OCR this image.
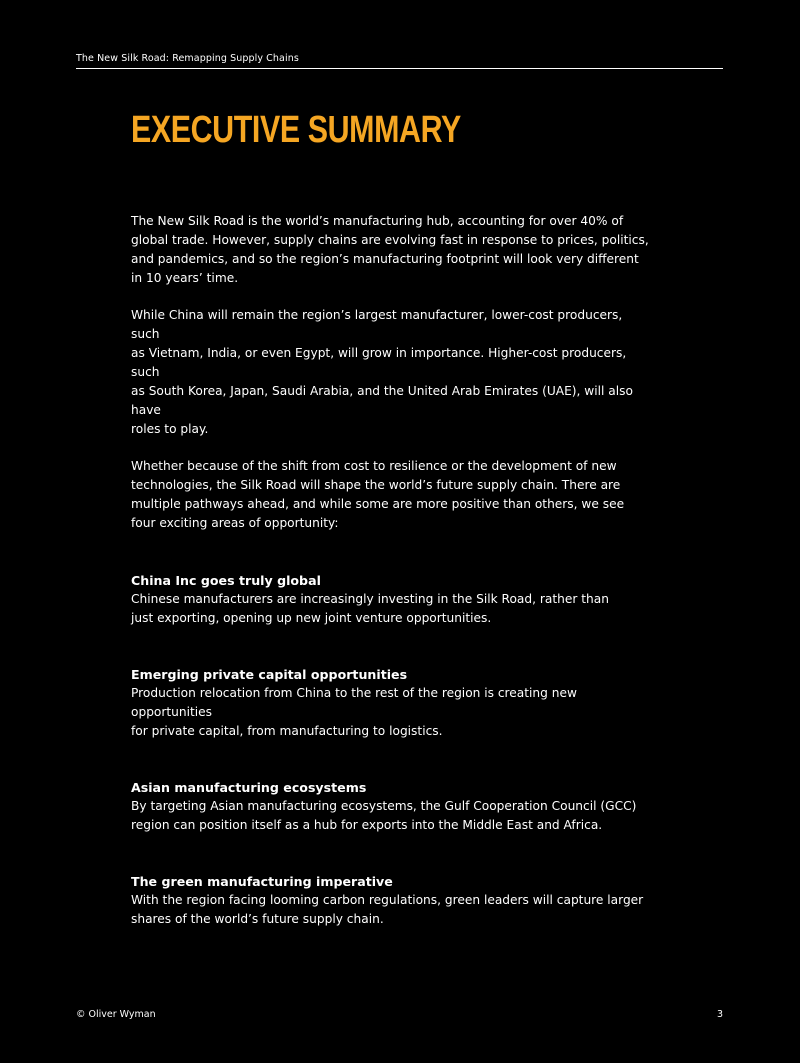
The New Silk Road: Remapping Supply Chains
EXECUTIVE SUMMARY

The New Silk Road is the world’s manufacturing hub, accounting for over 40% of
global trade. However, supply chains are evolving fast in response to prices, politics,
and pandemics, and so the region’s manufacturing footprint will look very different
in 10 years’ time.

While China will remain the region’s largest manufacturer, lower-cost producers, such
as Vietnam, India, or even Egypt, will grow in importance. Higher-cost producers, such
as South Korea, Japan, Saudi Arabia, and the United Arab Emirates (UAE), will also have
roles to play.

Whether because of the shift from cost to resilience or the development of new
technologies, the Silk Road will shape the world’s future supply chain. There are
multiple pathways ahead, and while some are more positive than others, we see
four exciting areas of opportunity:

China Inc goes truly global

Chinese manufacturers are increasingly investing in the Silk Road, rather than
just exporting, opening up new joint venture opportunities.

Emerging private capital opportunities

Production relocation from China to the rest of the region is creating new opportunities
for private capital, from manufacturing to logistics.

Asian manufacturing ecosystems

By targeting Asian manufacturing ecosystems, the Gulf Cooperation Council (GCC)
region can position itself as a hub for exports into the Middle East and Africa.

The green manufacturing imperative

With the region facing looming carbon regulations, green leaders will capture larger
shares of the world’s future supply chain.

© Oliver Wyman	3
